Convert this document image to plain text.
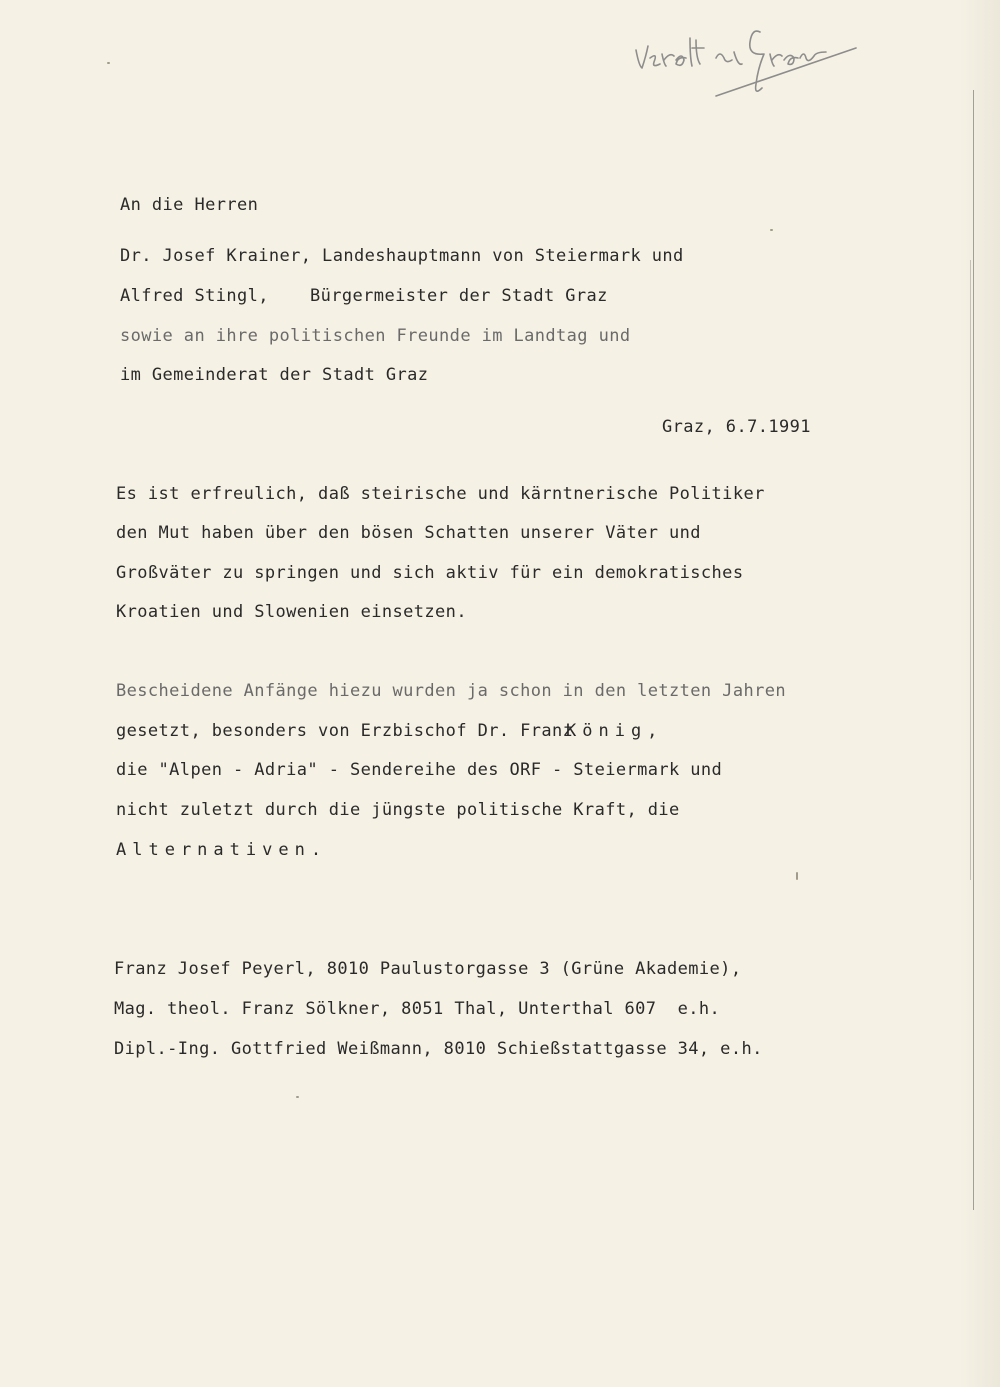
An die Herren
Dr. Josef Krainer, Landeshauptmann von Steiermark und
Alfred Stingl, Bürgermeister der Stadt Graz
sowie an ihre politischen Freunde im Landtag und
im Gemeinderat der Stadt Graz
Graz, 6.7.1991
Es ist erfreulich, daß steirische und kärntnerische Politiker
den Mut haben über den bösen Schatten unserer Väter und
Großväter zu springen und sich aktiv für ein demokratisches
Kroatien und Slowenien einsetzen.
Bescheidene Anfänge hiezu wurden ja schon in den letzten Jahren
gesetzt, besonders von Erzbischof Dr. Franz
König,
die "Alpen - Adria" - Sendereihe des ORF - Steiermark und
nicht zuletzt durch die jüngste politische Kraft, die
Alternativen.
Franz Josef Peyerl, 8010 Paulustorgasse 3 (Grüne Akademie),
Mag. theol. Franz Sölkner, 8051 Thal, Unterthal 607  e.h.
Dipl.-Ing. Gottfried Weißmann, 8010 Schießstattgasse 34, e.h.
